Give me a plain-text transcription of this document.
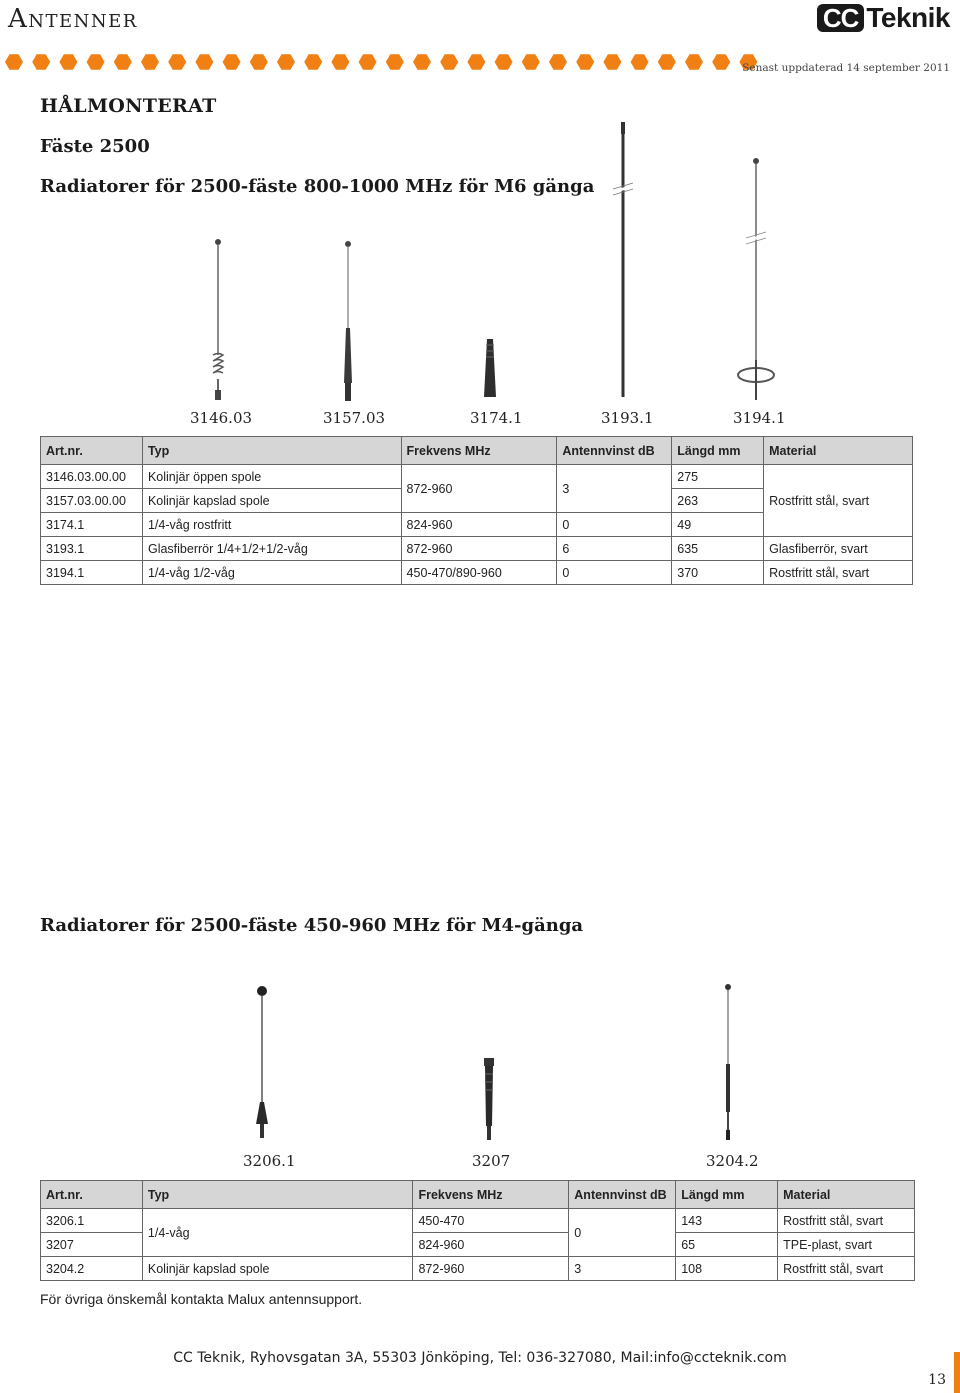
Antenner	CC Teknik
Senast uppdaterad 14 september 2011
HÅLMONTERAT
Fäste 2500
Radiatorer för 2500-fäste 800-1000 MHz för M6 gänga
3146.03	3157.03	3174.1	3193.1	3194.1
Art.nr.	Typ	Frekvens MHz	Antennvinst dB	Längd mm	Material
3146.03.00.00	Kolinjär öppen spole	872-960	3	275	Rostfritt stål, svart
3157.03.00.00	Kolinjär kapslad spole			263	
3174.1	1/4-våg rostfritt	824-960	0	49	
3193.1	Glasfiberrör 1/4+1/2+1/2-våg	872-960	6	635	Glasfiberrör, svart
3194.1	1/4-våg 1/2-våg	450-470/890-960	0	370	Rostfritt stål, svart
Radiatorer för 2500-fäste 450-960 MHz för M4-gänga
3206.1	3207	3204.2
Art.nr.	Typ	Frekvens MHz	Antennvinst dB	Längd mm	Material
3206.1	1/4-våg	450-470	0	143	Rostfritt stål, svart
3207		824-960		65	TPE-plast, svart
3204.2	Kolinjär kapslad spole	872-960	3	108	Rostfritt stål, svart
För övriga önskemål kontakta Malux antennsupport.
CC Teknik, Ryhovsgatan 3A, 55303 Jönköping, Tel: 036-327080, Mail:info@ccteknik.com
13
